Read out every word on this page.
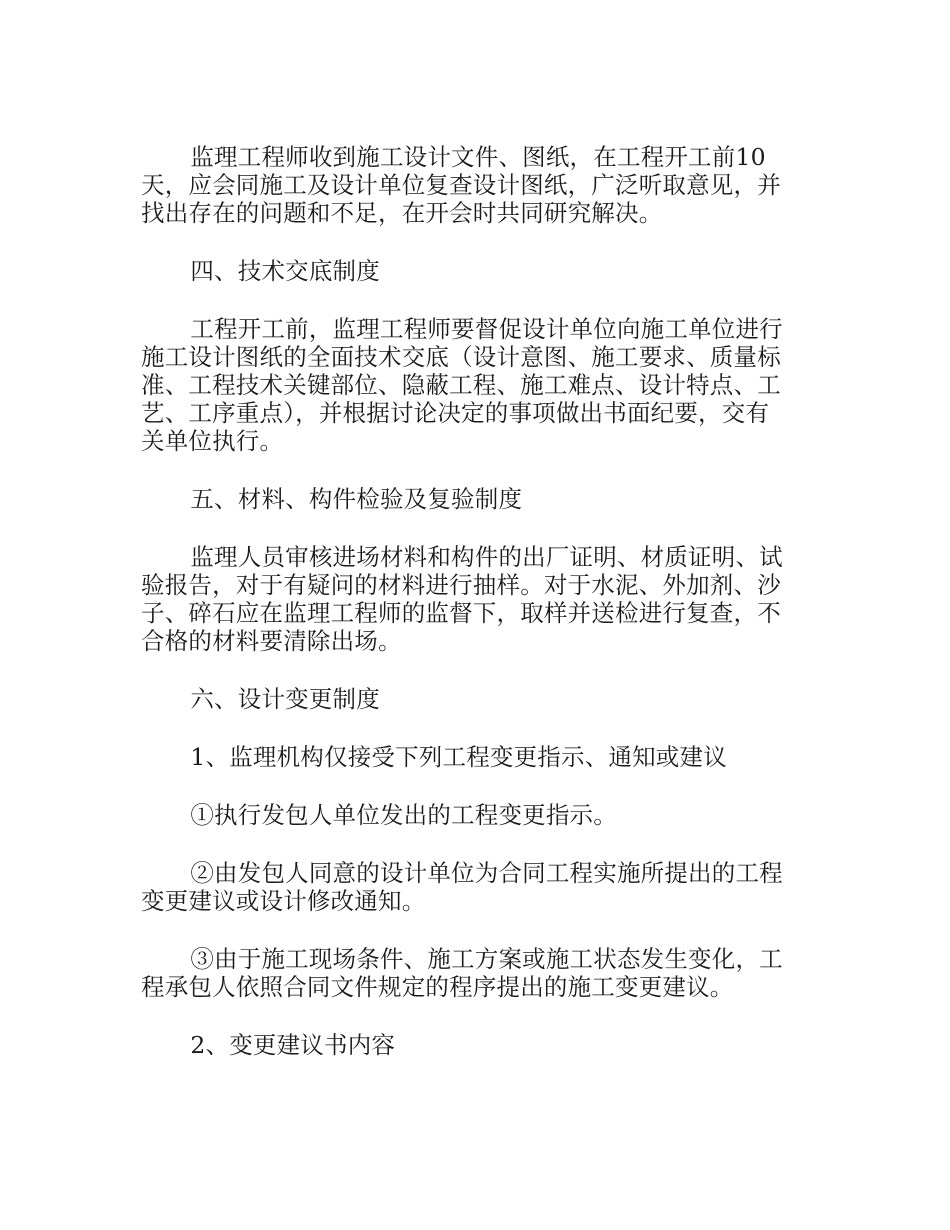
监理工程师收到施工设计文件、图纸，在工程开工前10
天，应会同施工及设计单位复查设计图纸，广泛听取意见，并
找出存在的问题和不足，在开会时共同研究解决。
四、技术交底制度
工程开工前，监理工程师要督促设计单位向施工单位进行
施工设计图纸的全面技术交底（设计意图、施工要求、质量标
准、工程技术关键部位、隐蔽工程、施工难点、设计特点、工
艺、工序重点），并根据讨论决定的事项做出书面纪要，交有
关单位执行。
五、材料、构件检验及复验制度
监理人员审核进场材料和构件的出厂证明、材质证明、试
验报告，对于有疑问的材料进行抽样。对于水泥、外加剂、沙
子、碎石应在监理工程师的监督下，取样并送检进行复查，不
合格的材料要清除出场。
六、设计变更制度
1、监理机构仅接受下列工程变更指示、通知或建议
①执行发包人单位发出的工程变更指示。
②由发包人同意的设计单位为合同工程实施所提出的工程
变更建议或设计修改通知。
③由于施工现场条件、施工方案或施工状态发生变化，工
程承包人依照合同文件规定的程序提出的施工变更建议。
2、变更建议书内容
